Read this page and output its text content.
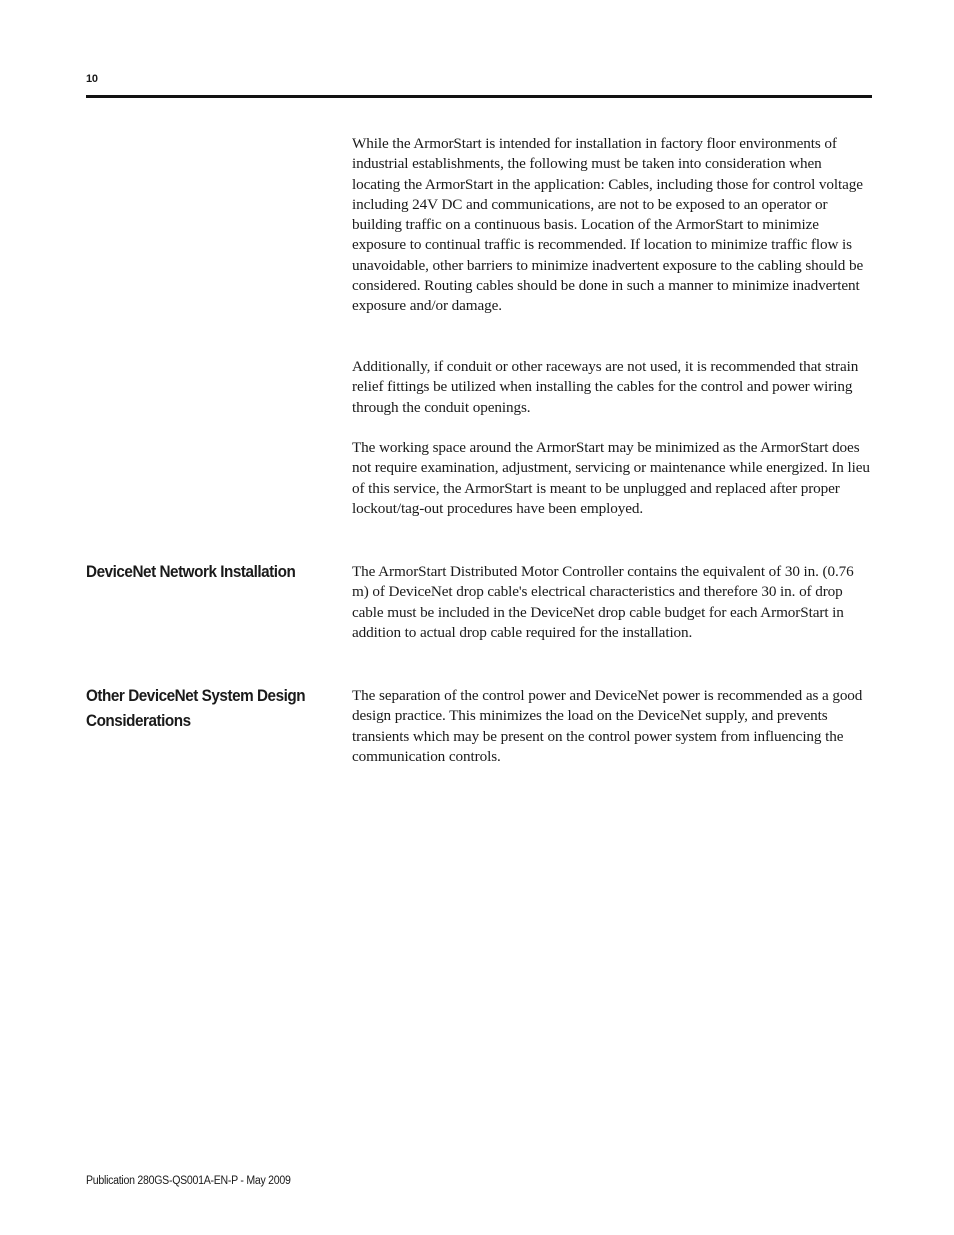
10

While the ArmorStart is intended for installation in factory floor environments of industrial establishments, the following must be taken into consideration when locating the ArmorStart in the application: Cables, including those for control voltage including 24V DC and communications, are not to be exposed to an operator or building traffic on a continuous basis. Location of the ArmorStart to minimize exposure to continual traffic is recommended. If location to minimize traffic flow is unavoidable, other barriers to minimize inadvertent exposure to the cabling should be considered. Routing cables should be done in such a manner to minimize inadvertent exposure and/or damage.

Additionally, if conduit or other raceways are not used, it is recommended that strain relief fittings be utilized when installing the cables for the control and power wiring through the conduit openings.

The working space around the ArmorStart may be minimized as the ArmorStart does not require examination, adjustment, servicing or maintenance while energized. In lieu of this service, the ArmorStart is meant to be unplugged and replaced after proper lockout/tag-out procedures have been employed.

DeviceNet Network Installation	The ArmorStart Distributed Motor Controller contains the equivalent of 30 in. (0.76 m) of DeviceNet drop cable's electrical characteristics and therefore 30 in. of drop cable must be included in the DeviceNet drop cable budget for each ArmorStart in addition to actual drop cable required for the installation.

Other DeviceNet System Design
Considerations

The separation of the control power and DeviceNet power is recommended as a good design practice. This minimizes the load on the DeviceNet supply, and prevents transients which may be present on the control power system from influencing the communication controls.

Publication 280GS-QS001A-EN-P - May 2009
